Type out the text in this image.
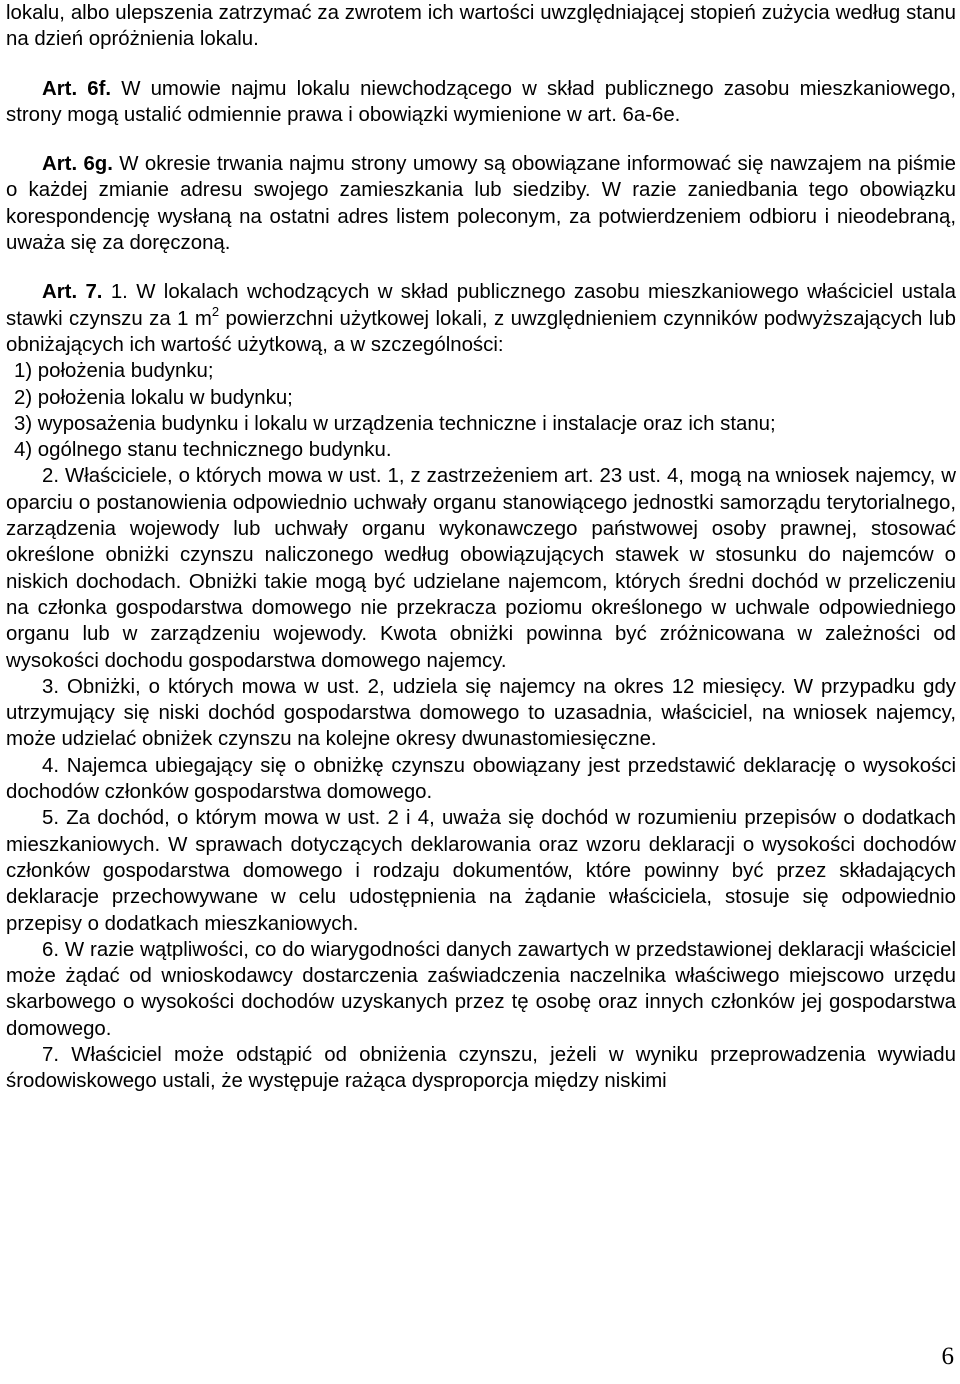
lokalu, albo ulepszenia zatrzymać za zwrotem ich wartości uwzględniającej stopień zużycia według stanu na dzień opróżnienia lokalu.

Art. 6f. W umowie najmu lokalu niewchodzącego w skład publicznego zasobu mieszkaniowego, strony mogą ustalić odmiennie prawa i obowiązki wymienione w art. 6a-6e.

Art. 6g. W okresie trwania najmu strony umowy są obowiązane informować się nawzajem na piśmie o każdej zmianie adresu swojego zamieszkania lub siedziby. W razie zaniedbania tego obowiązku korespondencję wysłaną na ostatni adres listem poleconym, za potwierdzeniem odbioru i nieodebraną, uważa się za doręczoną.

Art. 7. 1. W lokalach wchodzących w skład publicznego zasobu mieszkaniowego właściciel ustala stawki czynszu za 1 $m^2$ powierzchni użytkowej lokali, z uwzględnieniem czynników podwyższających lub obniżających ich wartość użytkową, a w szczególności:

1) położenia budynku;

2) położenia lokalu w budynku;

3) wyposażenia budynku i lokalu w urządzenia techniczne i instalacje oraz ich stanu;

4) ogólnego stanu technicznego budynku.

2. Właściciele, o których mowa w ust. 1, z zastrzeżeniem art. 23 ust. 4, mogą na wniosek najemcy, w oparciu o postanowienia odpowiednio uchwały organu stanowiącego jednostki samorządu terytorialnego, zarządzenia wojewody lub uchwały organu wykonawczego państwowej osoby prawnej, stosować określone obniżki czynszu naliczonego według obowiązujących stawek w stosunku do najemców o niskich dochodach. Obniżki takie mogą być udzielane najemcom, których średni dochód w przeliczeniu na członka gospodarstwa domowego nie przekracza poziomu określonego w uchwale odpowiedniego organu lub w zarządzeniu wojewody. Kwota obniżki powinna być zróżnicowana w zależności od wysokości dochodu gospodarstwa domowego najemcy.

3. Obniżki, o których mowa w ust. 2, udziela się najemcy na okres 12 miesięcy. W przypadku gdy utrzymujący się niski dochód gospodarstwa domowego to uzasadnia, właściciel, na wniosek najemcy, może udzielać obniżek czynszu na kolejne okresy dwunastomiesięczne.

4. Najemca ubiegający się o obniżkę czynszu obowiązany jest przedstawić deklarację o wysokości dochodów członków gospodarstwa domowego.

5. Za dochód, o którym mowa w ust. 2 i 4, uważa się dochód w rozumieniu przepisów o dodatkach mieszkaniowych. W sprawach dotyczących deklarowania oraz wzoru deklaracji o wysokości dochodów członków gospodarstwa domowego i rodzaju dokumentów, które powinny być przez składających deklaracje przechowywane w celu udostępnienia na żądanie właściciela, stosuje się odpowiednio przepisy o dodatkach mieszkaniowych.

6. W razie wątpliwości, co do wiarygodności danych zawartych w przedstawionej deklaracji właściciel może żądać od wnioskodawcy dostarczenia zaświadczenia naczelnika właściwego miejscowo urzędu skarbowego o wysokości dochodów uzyskanych przez tę osobę oraz innych członków jej gospodarstwa domowego.

7. Właściciel może odstąpić od obniżenia czynszu, jeżeli w wyniku przeprowadzenia wywiadu środowiskowego ustali, że występuje rażąca dysproporcja między niskimi

6
